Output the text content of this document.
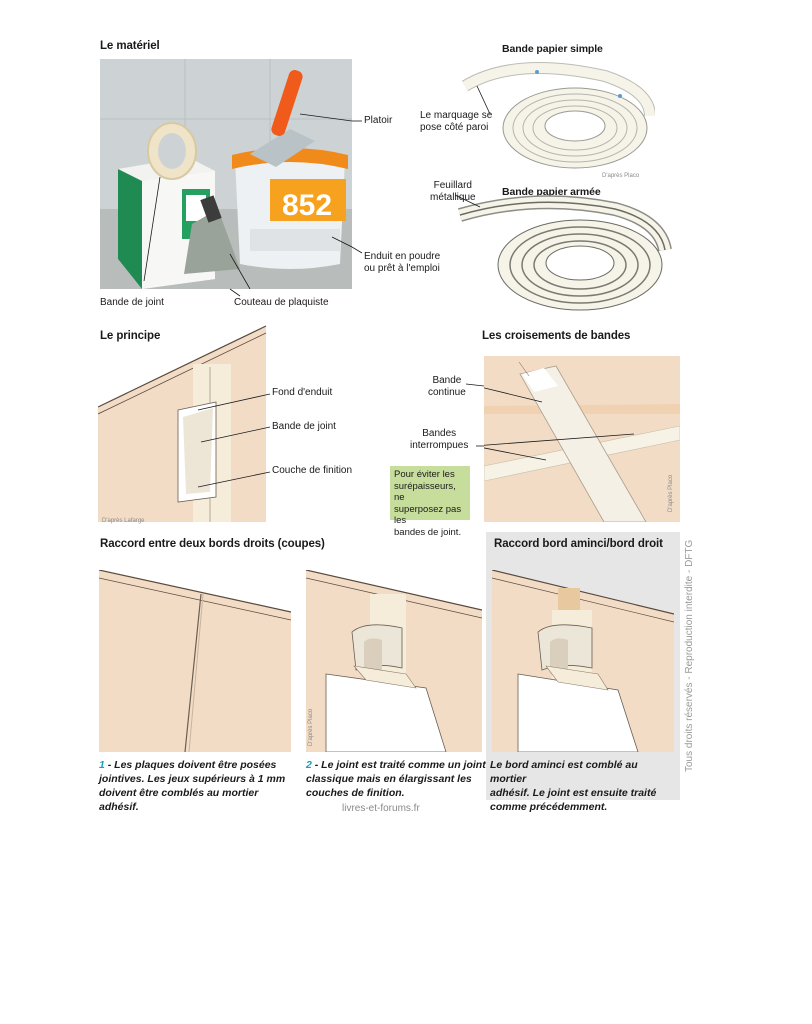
Le matériel
852
Platoir
Enduit en poudre
ou prêt à l'emploi
Bande de joint	Couteau de plaquiste
Bande papier simple
Le marquage se
pose côté paroi
D'après Placo
Feuillard
métallique	Bande papier armée
Le principe
Fond d'enduit
Bande de joint
Couche de finition
D'après Lafarge
Les croisements de bandes
Bande
continue
Bandes
interrompues
Pour éviter les
surépaisseurs, ne
superposez pas les
bandes de joint.
D'après Placo
Raccord entre deux bords droits (coupes)	Raccord bord aminci/bord droit
D'après Placo
1 - Les plaques doivent être posées
jointives. Les jeux supérieurs à 1 mm
doivent être comblés au mortier adhésif.
2 - Le joint est traité comme un joint
classique mais en élargissant les
couches de finition.
Le bord aminci est comblé au mortier
adhésif. Le joint est ensuite traité
comme précédemment.
Tous droits réservés - Reproduction interdite - DFTG
livres-et-forums.fr
